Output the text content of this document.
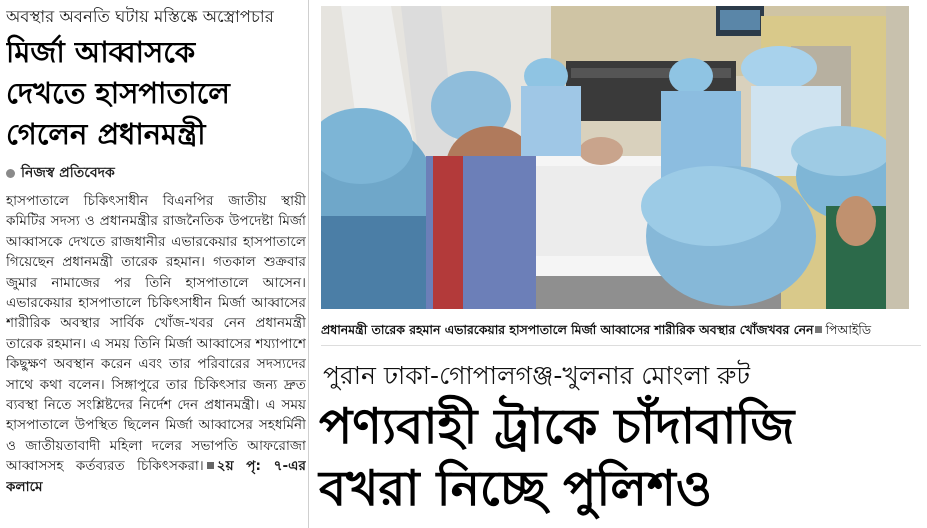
অবস্থার অবনতি ঘটায় মস্তিষ্কে অস্ত্রোপচার
মির্জা আব্বাসকে
দেখতে হাসপাতালে
গেলেন প্রধানমন্ত্রী
নিজস্ব প্রতিবেদক

হাসপাতালে চিকিৎসাধীন বিএনপির জাতীয় স্থায়ী কমিটির সদস্য ও প্রধানমন্ত্রীর রাজনৈতিক উপদেষ্টা মির্জা আব্বাসকে দেখতে রাজধানীর এভারকেয়ার হাসপাতালে গিয়েছেন প্রধানমন্ত্রী তারেক রহমান। গতকাল শুক্রবার জুমার নামাজের পর তিনি হাসপাতালে আসেন। এভারকেয়ার হাসপাতালে চিকিৎসাধীন মির্জা আব্বাসের শারীরিক অবস্থার সার্বিক খোঁজ-খবর নেন প্রধানমন্ত্রী তারেক রহমান। এ সময় তিনি মির্জা আব্বাসের শয্যাপাশে কিছুক্ষণ অবস্থান করেন এবং তার পরিবারের সদস্যদের সাথে কথা বলেন। সিঙ্গাপুরে তার চিকিৎসার জন্য দ্রুত ব্যবস্থা নিতে সংশ্লিষ্টদের নির্দেশ দেন প্রধানমন্ত্রী। এ সময় হাসপাতালে উপস্থিত ছিলেন মির্জা আব্বাসের সহধর্মিনী ও জাতীয়তাবাদী মহিলা দলের সভাপতি আফরোজা আব্বাসসহ কর্তব্যরত চিকিৎসকরা। ২য় পৃ: ৭-এর কলামে

প্রধানমন্ত্রী তারেক রহমান এভারকেয়ার হাসপাতালে মির্জা আব্বাসের শারীরিক অবস্থার খোঁজখবর নেন পিআইডি
পুরান ঢাকা-গোপালগঞ্জ-খুলনার মোংলা রুট
পণ্যবাহী ট্রাকে চাঁদাবাজি
বখরা নিচ্ছে পুলিশও
